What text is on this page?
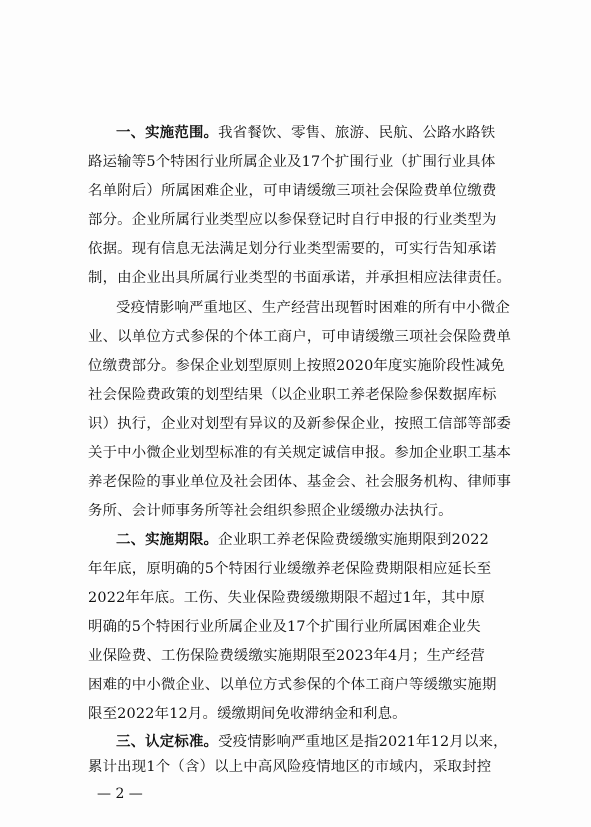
一、实施范围。我省餐饮、零售、旅游、民航、公路水路铁
路运输等5个特困行业所属企业及17个扩围行业（扩围行业具体
名单附后）所属困难企业，可申请缓缴三项社会保险费单位缴费
部分。企业所属行业类型应以参保登记时自行申报的行业类型为
依据。现有信息无法满足划分行业类型需要的，可实行告知承诺
制，由企业出具所属行业类型的书面承诺，并承担相应法律责任。
受疫情影响严重地区、生产经营出现暂时困难的所有中小微企
业、以单位方式参保的个体工商户，可申请缓缴三项社会保险费单
位缴费部分。参保企业划型原则上按照2020年度实施阶段性减免
社会保险费政策的划型结果（以企业职工养老保险参保数据库标
识）执行，企业对划型有异议的及新参保企业，按照工信部等部委
关于中小微企业划型标准的有关规定诚信申报。参加企业职工基本
养老保险的事业单位及社会团体、基金会、社会服务机构、律师事
务所、会计师事务所等社会组织参照企业缓缴办法执行。
二、实施期限。企业职工养老保险费缓缴实施期限到2022
年年底，原明确的5个特困行业缓缴养老保险费期限相应延长至
2022年年底。工伤、失业保险费缓缴期限不超过1年，其中原
明确的5个特困行业所属企业及17个扩围行业所属困难企业失
业保险费、工伤保险费缓缴实施期限至2023年4月；生产经营
困难的中小微企业、以单位方式参保的个体工商户等缓缴实施期
限至2022年12月。缓缴期间免收滞纳金和利息。
三、认定标准。受疫情影响严重地区是指2021年12月以来，
累计出现1个（含）以上中高风险疫情地区的市域内，采取封控
— 2 —
